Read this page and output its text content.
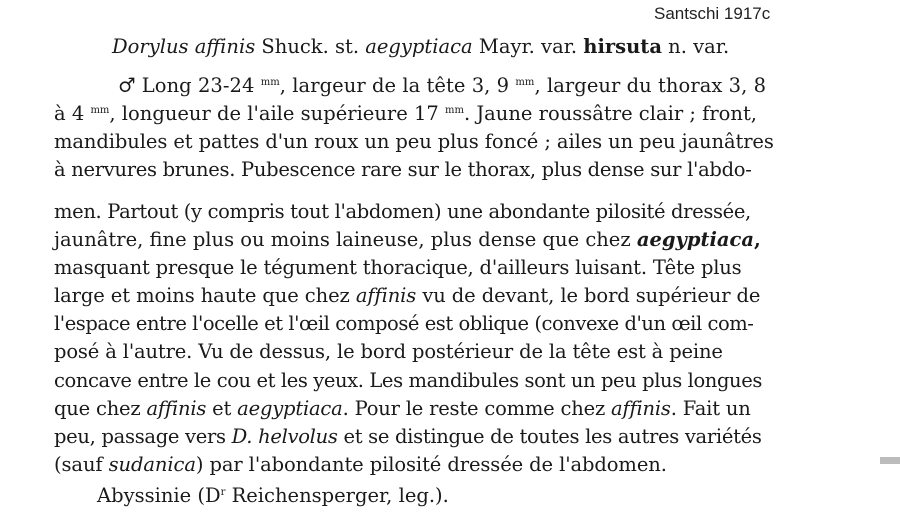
Santschi 1917c
Dorylus affinis Shuck. st. aegyptiaca Mayr. var. hirsuta n. var.
♂ Long 23-24 $^{mm}$, largeur de la tête 3, 9 $^{mm}$, largeur du thorax 3, 8
à 4 $^{mm}$, longueur de l'aile supérieure 17 $^{mm}$. Jaune roussâtre clair ; front,
mandibules et pattes d'un roux un peu plus foncé ; ailes un peu jaunâtres
à nervures brunes. Pubescence rare sur le thorax, plus dense sur l'abdo-
men. Partout (y compris tout l'abdomen) une abondante pilosité dressée,
jaunâtre, fine plus ou moins laineuse, plus dense que chez aegyptiaca,
masquant presque le tégument thoracique, d'ailleurs luisant. Tête plus
large et moins haute que chez affinis vu de devant, le bord supérieur de
l'espace entre l'ocelle et l'œil composé est oblique (convexe d'un œil com-
posé à l'autre. Vu de dessus, le bord postérieur de la tête est à peine
concave entre le cou et les yeux. Les mandibules sont un peu plus longues
que chez affinis et aegyptiaca. Pour le reste comme chez affinis. Fait un
peu, passage vers D. helvolus et se distingue de toutes les autres variétés
(sauf sudanica) par l'abondante pilosité dressée de l'abdomen.
Abyssinie ($D^r$ Reichensperger, leg.).
